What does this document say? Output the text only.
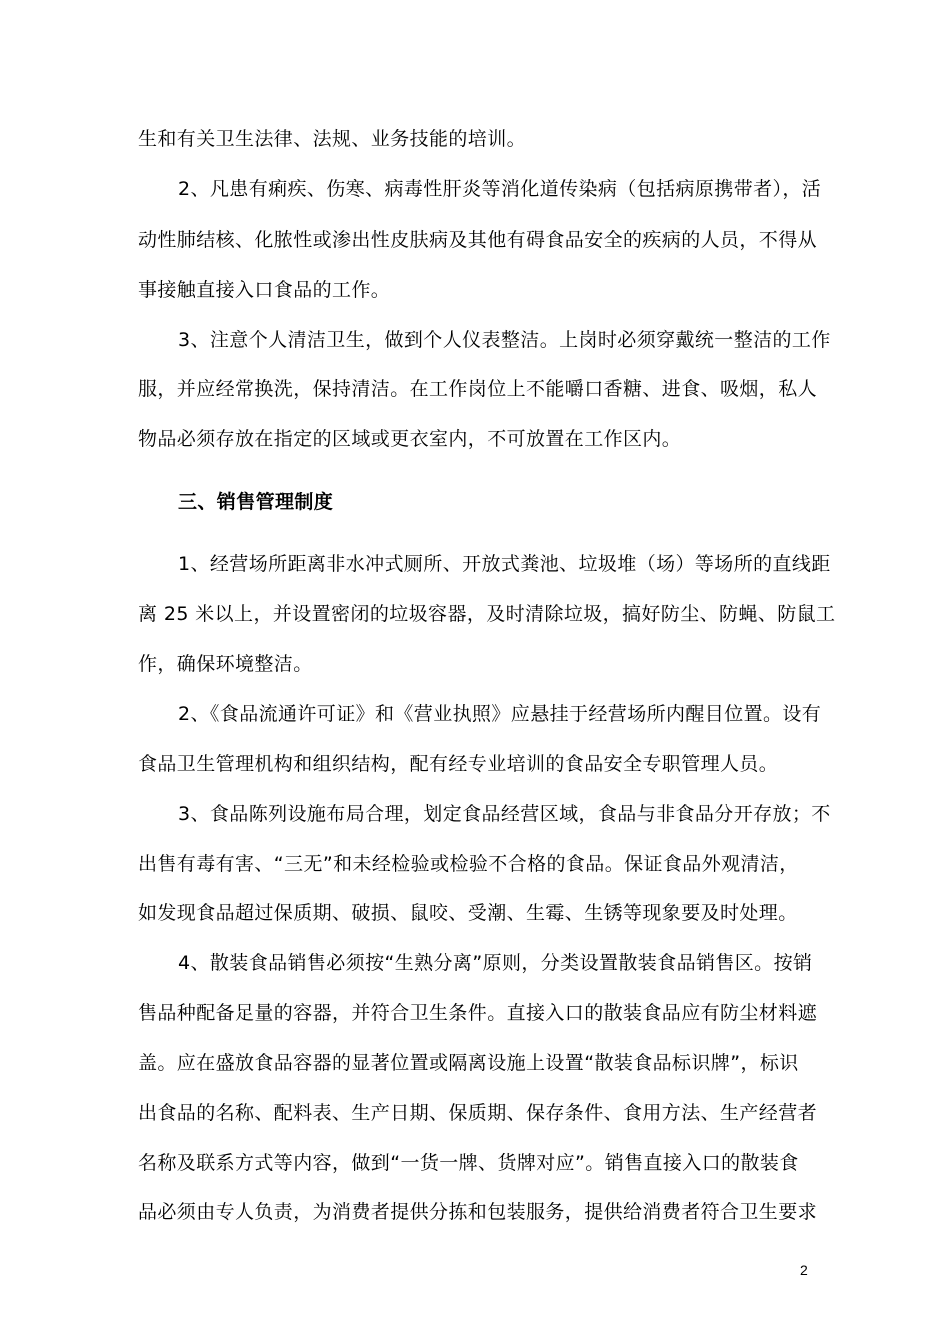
生和有关卫生法律、法规、业务技能的培训。
2、凡患有痢疾、伤寒、病毒性肝炎等消化道传染病（包括病原携带者），活
动性肺结核、化脓性或渗出性皮肤病及其他有碍食品安全的疾病的人员，不得从
事接触直接入口食品的工作。
3、注意个人清洁卫生，做到个人仪表整洁。上岗时必须穿戴统一整洁的工作
服，并应经常换洗，保持清洁。在工作岗位上不能嚼口香糖、进食、吸烟，私人
物品必须存放在指定的区域或更衣室内，不可放置在工作区内。
三、销售管理制度
1、经营场所距离非水冲式厕所、开放式粪池、垃圾堆（场）等场所的直线距
离 25 米以上，并设置密闭的垃圾容器，及时清除垃圾，搞好防尘、防蝇、防鼠工
作，确保环境整洁。
2、《食品流通许可证》和《营业执照》应悬挂于经营场所内醒目位置。设有
食品卫生管理机构和组织结构，配有经专业培训的食品安全专职管理人员。
3、食品陈列设施布局合理，划定食品经营区域，食品与非食品分开存放；不
出售有毒有害、“三无”和未经检验或检验不合格的食品。保证食品外观清洁，
如发现食品超过保质期、破损、鼠咬、受潮、生霉、生锈等现象要及时处理。
4、散装食品销售必须按“生熟分离”原则，分类设置散装食品销售区。按销
售品种配备足量的容器，并符合卫生条件。直接入口的散装食品应有防尘材料遮
盖。应在盛放食品容器的显著位置或隔离设施上设置“散装食品标识牌”，标识
出食品的名称、配料表、生产日期、保质期、保存条件、食用方法、生产经营者
名称及联系方式等内容，做到“一货一牌、货牌对应”。销售直接入口的散装食
品必须由专人负责，为消费者提供分拣和包装服务，提供给消费者符合卫生要求
2
